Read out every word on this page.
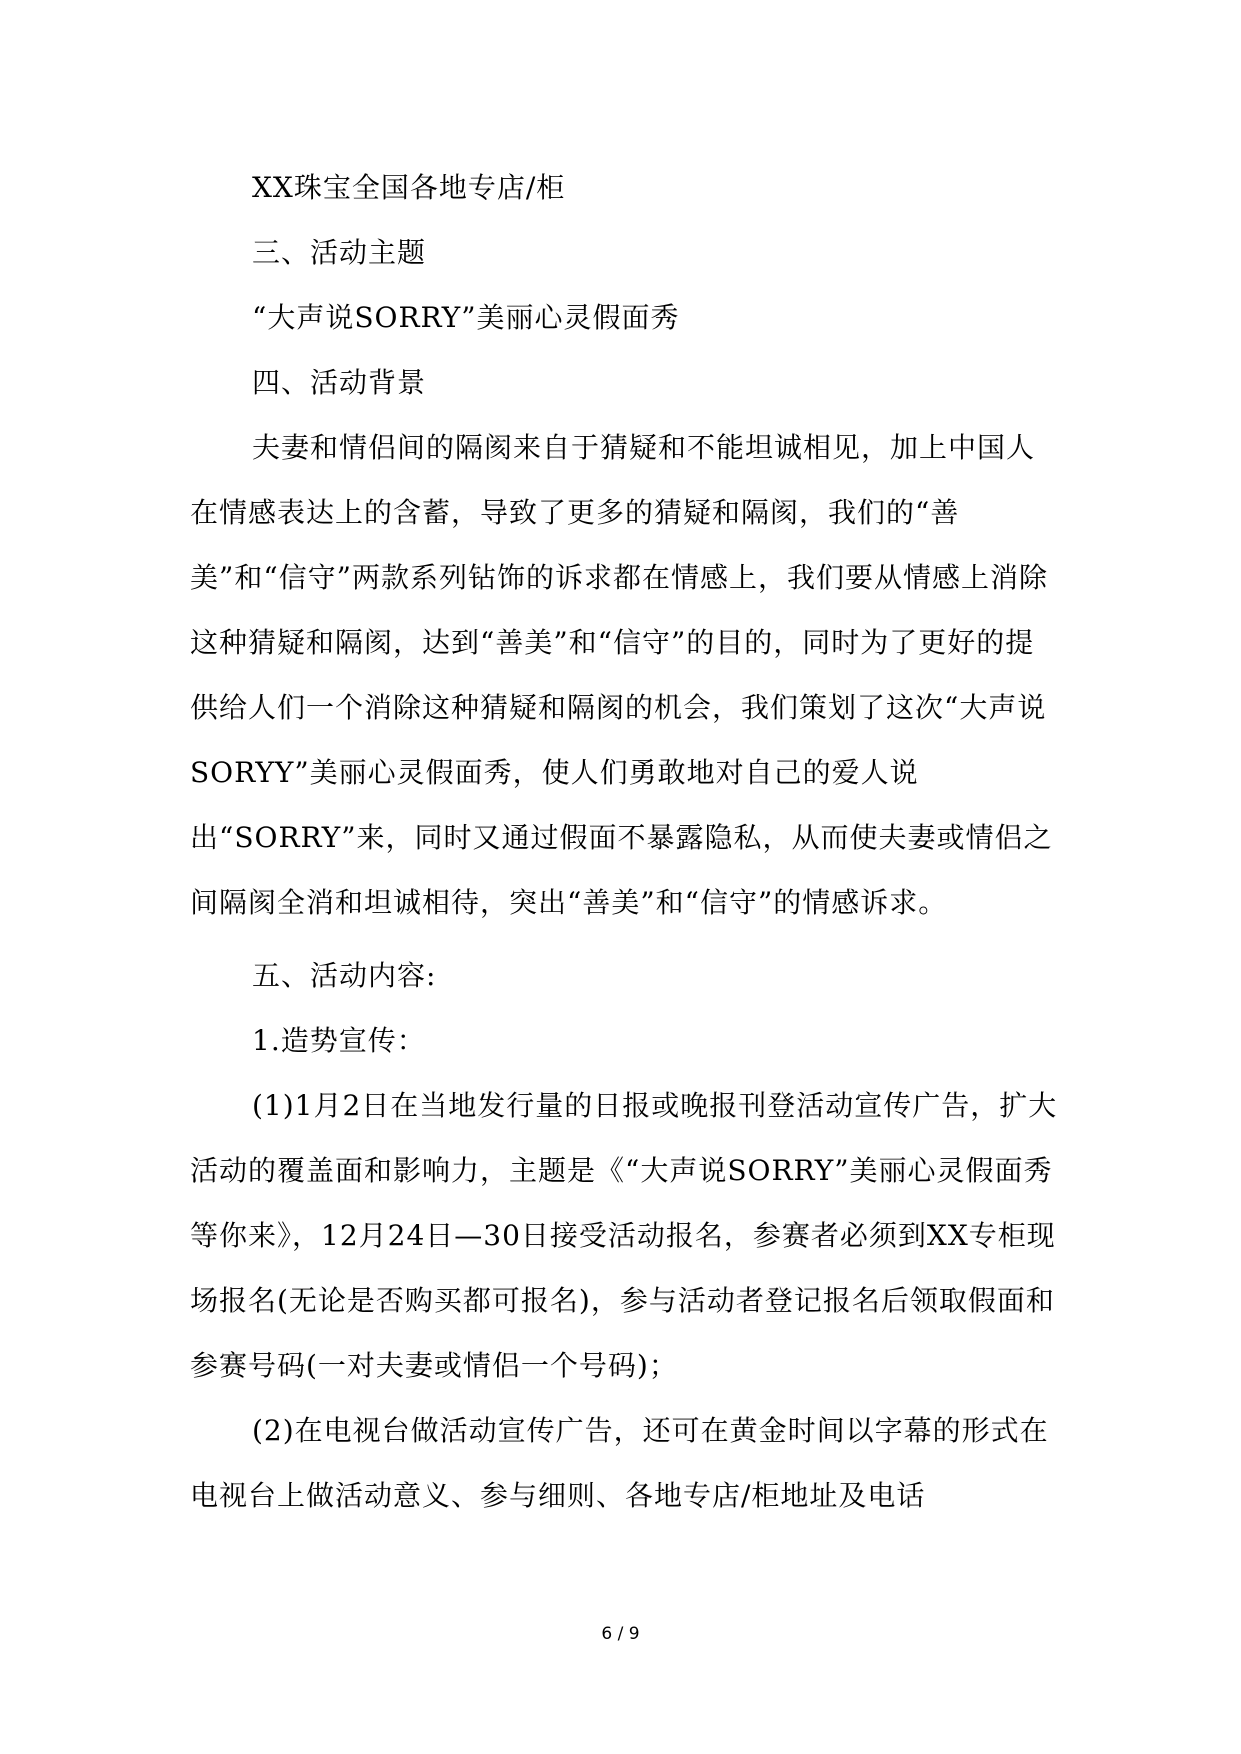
XX珠宝全国各地专店/柜

三、活动主题

“大声说SORRY”美丽心灵假面秀

四、活动背景

夫妻和情侣间的隔阂来自于猜疑和不能坦诚相见，加上中国人在情感表达上的含蓄，导致了更多的猜疑和隔阂，我们的“善美”和“信守”两款系列钻饰的诉求都在情感上，我们要从情感上消除这种猜疑和隔阂，达到“善美”和“信守”的目的，同时为了更好的提供给人们一个消除这种猜疑和隔阂的机会，我们策划了这次“大声说SORYY”美丽心灵假面秀，使人们勇敢地对自己的爱人说出“SORRY”来，同时又通过假面不暴露隐私，从而使夫妻或情侣之间隔阂全消和坦诚相待，突出“善美”和“信守”的情感诉求。

五、活动内容:

1.造势宣传：

(1)1月2日在当地发行量的日报或晚报刊登活动宣传广告，扩大活动的覆盖面和影响力，主题是《“大声说SORRY”美丽心灵假面秀等你来》，12月24日—30日接受活动报名，参赛者必须到XX专柜现场报名(无论是否购买都可报名)，参与活动者登记报名后领取假面和参赛号码(一对夫妻或情侣一个号码)；

(2)在电视台做活动宣传广告，还可在黄金时间以字幕的形式在电视台上做活动意义、参与细则、各地专店/柜地址及电话

6 / 9
